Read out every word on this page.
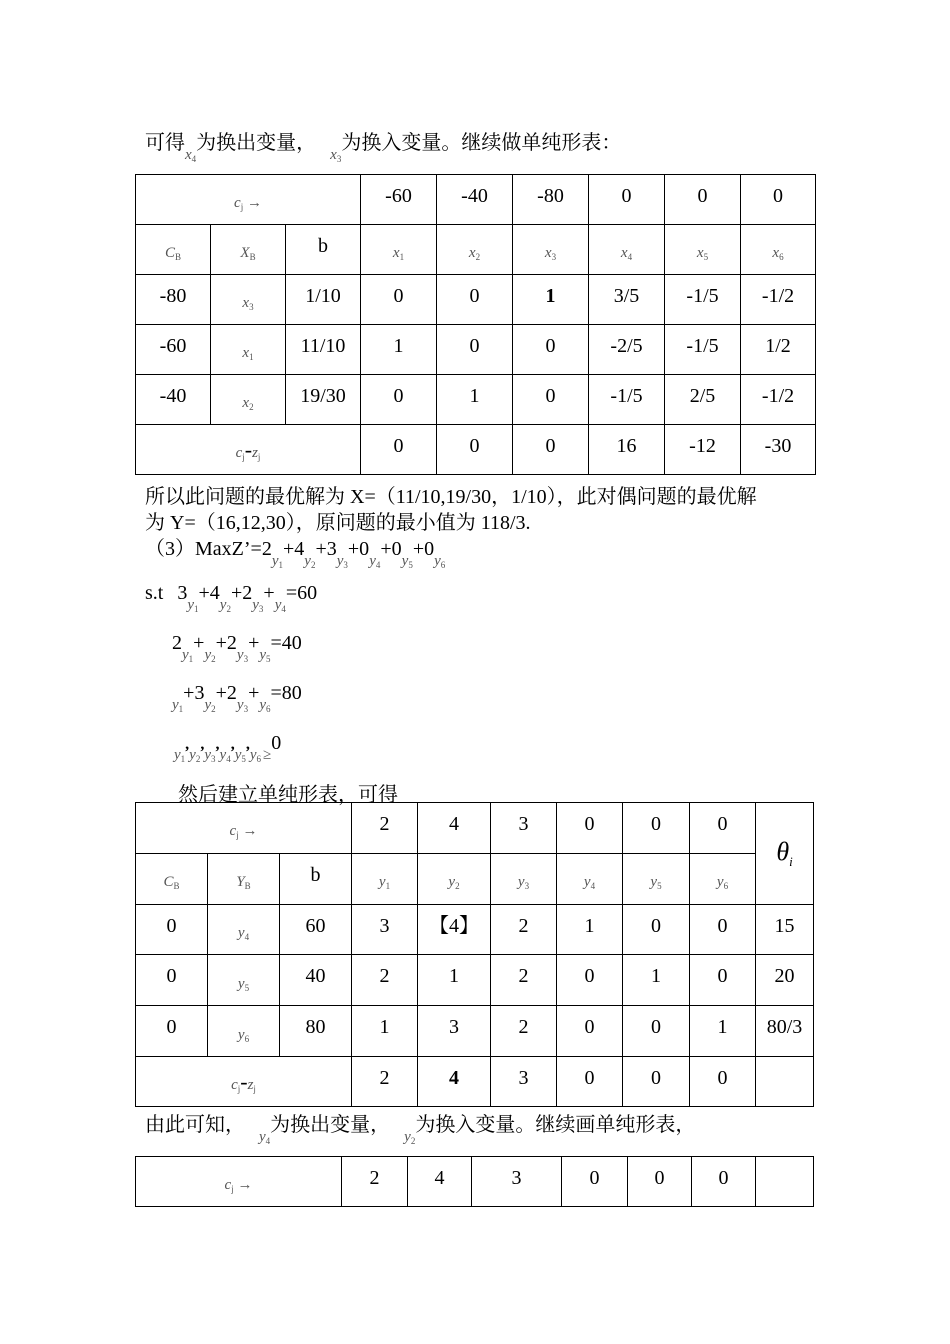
可得$_{x_4}$为换出变量，$_{x_3}$为换入变量。继续做单纯形表：
$c_j$ →			-60	-40	-80	0	0	0
$C_B$	$X_B$	b	$x_1$	$x_2$	$x_3$	$x_4$	$x_5$	$x_6$
-80	$x_3$	1/10	0	0	1	3/5	-1/5	-1/2
-60	$x_1$	11/10	1	0	0	-2/5	-1/5	1/2
-40	$x_2$	19/30	0	1	0	-1/5	2/5	-1/2
$c_j-z_j$			0	0	0	16	-12	-30
所以此问题的最优解为 X=（11/10,19/30，1/10），此对偶问题的最优解
为 Y=（16,12,30），原问题的最小值为 118/3.
$(3)MaxZ’=2_{y_1}+4_{y_2}+3_{y_3}+0_{y_4}+0_{y_5}+0_{y_6}$
s.t $3_{y_1}+4_{y_2}+2_{y_3}+_{y_4}=60$
$2_{y_1}+_{y_2}+2_{y_3}+_{y_5}=40$
$_{y_1}+3_{y_2}+2_{y_3}+_{y_6}=80$
$_{y_1},_{y_2},_{y_3},_{y_4},_{y_5},_{y_6}$ $_\ge$0
然后建立单纯形表，可得
$c_j$ →			2	4	3	0	0	0	$\theta_i$
$C_B$	$Y_B$	b	$y_1$	$y_2$	$y_3$	$y_4$	$y_5$	$y_6$
0	$y_4$	60	3	【4】	2	1	0	0	15
0	$y_5$	40	2	1	2	0	1	0	20
0	$y_6$	80	1	3	2	0	0	1	80/3
$c_j-z_j$			2	4	3	0	0	0	
由此可知，$_{y_4}$为换出变量，$_{y_2}$为换入变量。继续画单纯形表，
$c_j$ →	2	4	3	0	0	0	
